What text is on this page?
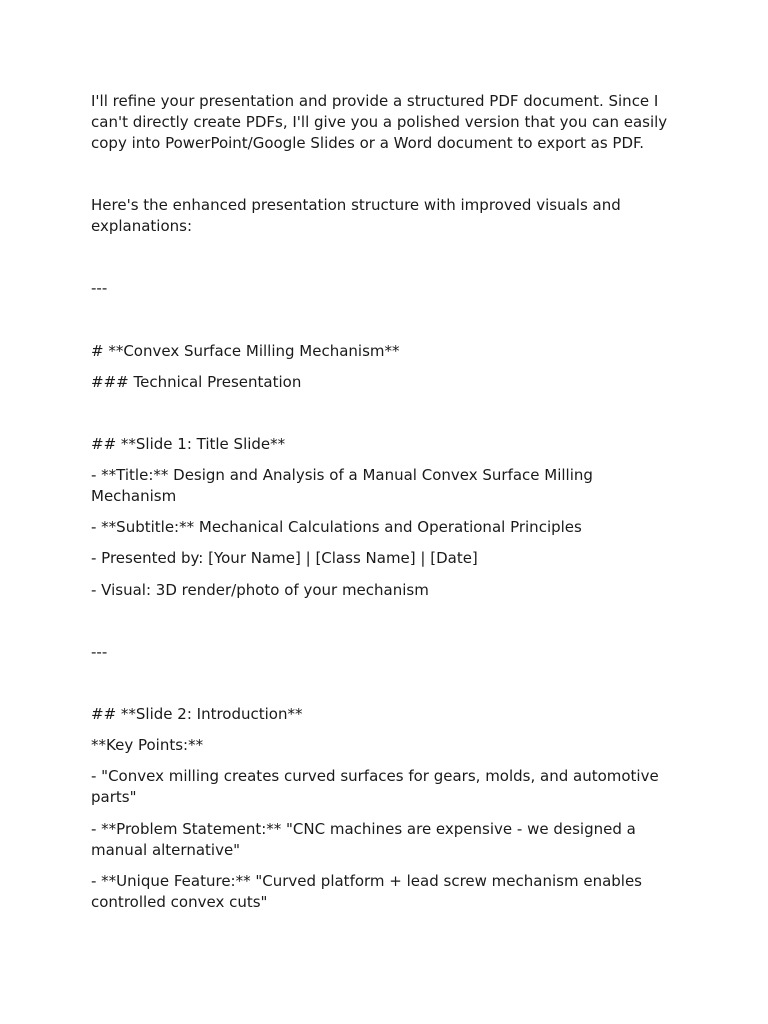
I'll refine your presentation and provide a structured PDF document. Since I can't directly create PDFs, I'll give you a polished version that you can easily copy into PowerPoint/Google Slides or a Word document to export as PDF.

Here's the enhanced presentation structure with improved visuals and explanations:

---

# **Convex Surface Milling Mechanism**

### Technical Presentation

## **Slide 1: Title Slide**

- **Title:** Design and Analysis of a Manual Convex Surface Milling Mechanism

- **Subtitle:** Mechanical Calculations and Operational Principles

- Presented by: [Your Name] | [Class Name] | [Date]

- Visual: 3D render/photo of your mechanism

---

## **Slide 2: Introduction**

**Key Points:**

- "Convex milling creates curved surfaces for gears, molds, and automotive parts"

- **Problem Statement:** "CNC machines are expensive - we designed a manual alternative"

- **Unique Feature:** "Curved platform + lead screw mechanism enables controlled convex cuts"
